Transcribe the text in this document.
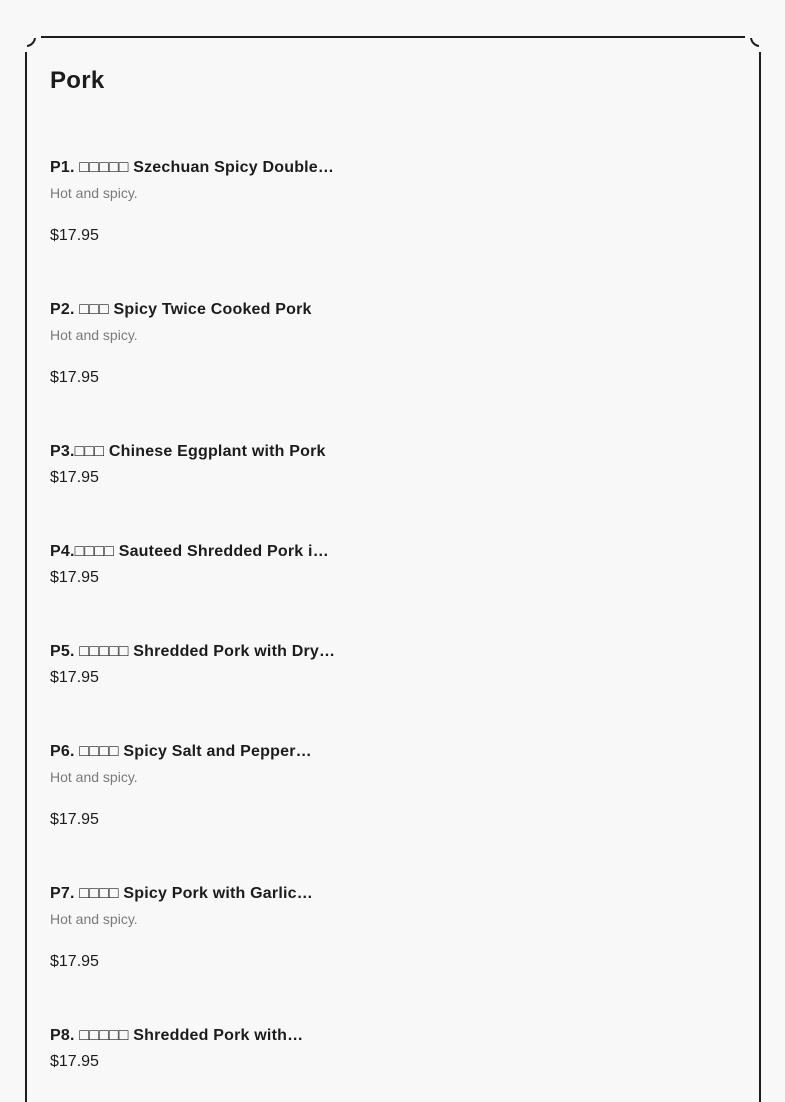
Pork
P1. □□□□□ Szechuan Spicy Double…
Hot and spicy.
$17.95
P2. □□□ Spicy Twice Cooked Pork
Hot and spicy.
$17.95
P3.□□□ Chinese Eggplant with Pork
$17.95
P4.□□□□ Sauteed Shredded Pork i…
$17.95
P5. □□□□□ Shredded Pork with Dry…
$17.95
P6. □□□□ Spicy Salt and Pepper…
Hot and spicy.
$17.95
P7. □□□□ Spicy Pork with Garlic…
Hot and spicy.
$17.95
P8. □□□□□ Shredded Pork with…
$17.95
